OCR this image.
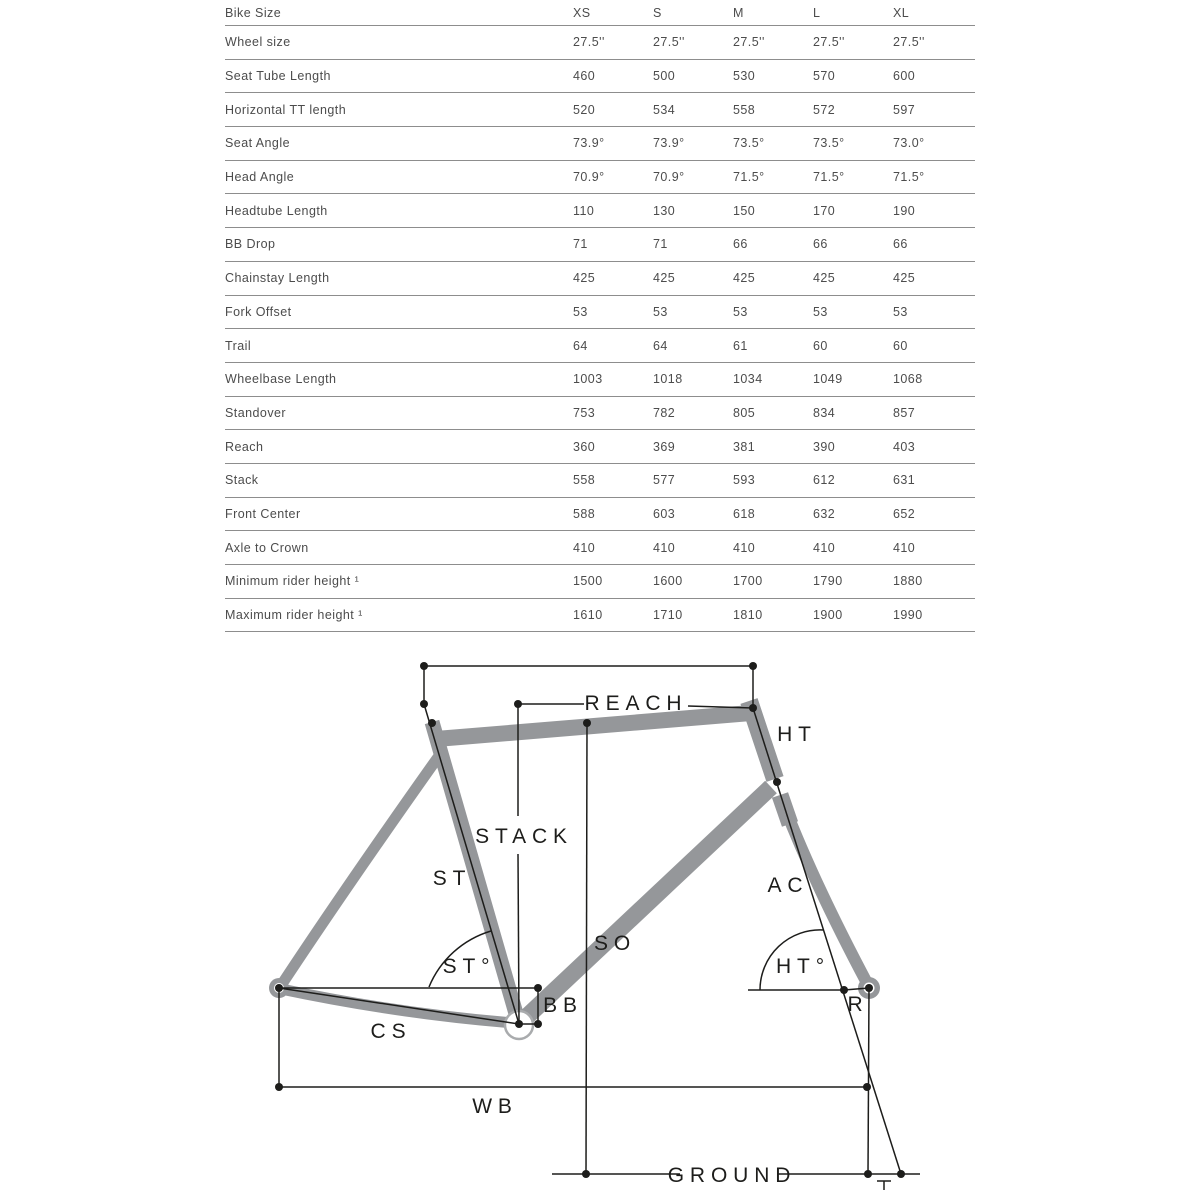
Bike Size	XS	S	M	L	XL
Wheel size	27.5''	27.5''	27.5''	27.5''	27.5''
Seat Tube Length	460	500	530	570	600
Horizontal TT length	520	534	558	572	597
Seat Angle	73.9°	73.9°	73.5°	73.5°	73.0°
Head Angle	70.9°	70.9°	71.5°	71.5°	71.5°
Headtube Length	110	130	150	170	190
BB Drop	71	71	66	66	66
Chainstay Length	425	425	425	425	425
Fork Offset	53	53	53	53	53
Trail	64	64	61	60	60
Wheelbase Length	1003	1018	1034	1049	1068
Standover	753	782	805	834	857
Reach	360	369	381	390	403
Stack	558	577	593	612	631
Front Center	588	603	618	632	652
Axle to Crown	410	410	410	410	410
Minimum rider height ¹	1500	1600	1700	1790	1880
Maximum rider height ¹	1610	1710	1810	1900	1990
REACH
HT
STACK
ST	AC
SO
ST°	HT°
BB	R
CS
WB
GROUND
